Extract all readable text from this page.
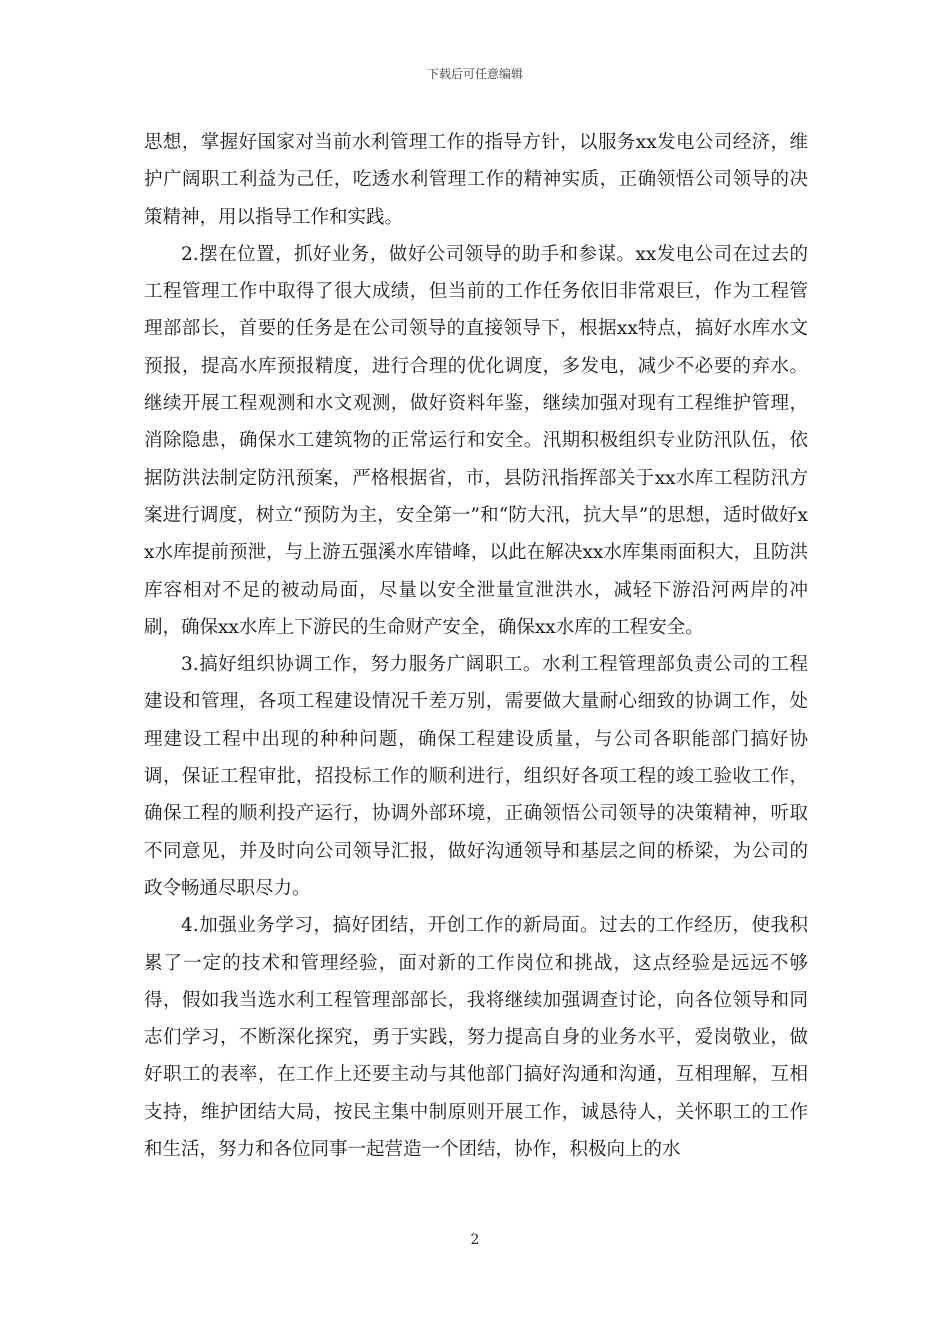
下载后可任意编辑

思想，掌握好国家对当前水利管理工作的指导方针，以服务xx发电公司经济，维护广阔职工利益为己任，吃透水利管理工作的精神实质，正确领悟公司领导的决策精神，用以指导工作和实践。

2.摆在位置，抓好业务，做好公司领导的助手和参谋。xx发电公司在过去的工程管理工作中取得了很大成绩，但当前的工作任务依旧非常艰巨，作为工程管理部部长，首要的任务是在公司领导的直接领导下，根据xx特点，搞好水库水文预报，提高水库预报精度，进行合理的优化调度，多发电，减少不必要的弃水。继续开展工程观测和水文观测，做好资料年鉴，继续加强对现有工程维护管理，消除隐患，确保水工建筑物的正常运行和安全。汛期积极组织专业防汛队伍，依据防洪法制定防汛预案，严格根据省，市，县防汛指挥部关于xx水库工程防汛方案进行调度，树立“预防为主，安全第一”和“防大汛，抗大旱”的思想，适时做好xx水库提前预泄，与上游五强溪水库错峰，以此在解决xx水库集雨面积大，且防洪库容相对不足的被动局面，尽量以安全泄量宣泄洪水，减轻下游沿河两岸的冲刷，确保xx水库上下游民的生命财产安全，确保xx水库的工程安全。

3.搞好组织协调工作，努力服务广阔职工。水利工程管理部负责公司的工程建设和管理，各项工程建设情况千差万别，需要做大量耐心细致的协调工作，处理建设工程中出现的种种问题，确保工程建设质量，与公司各职能部门搞好协调，保证工程审批，招投标工作的顺利进行，组织好各项工程的竣工验收工作，确保工程的顺利投产运行，协调外部环境，正确领悟公司领导的决策精神，听取不同意见，并及时向公司领导汇报，做好沟通领导和基层之间的桥梁，为公司的政令畅通尽职尽力。

4.加强业务学习，搞好团结，开创工作的新局面。过去的工作经历，使我积累了一定的技术和管理经验，面对新的工作岗位和挑战，这点经验是远远不够得，假如我当选水利工程管理部部长，我将继续加强调查讨论，向各位领导和同志们学习，不断深化探究，勇于实践，努力提高自身的业务水平，爱岗敬业，做好职工的表率，在工作上还要主动与其他部门搞好沟通和沟通，互相理解，互相支持，维护团结大局，按民主集中制原则开展工作，诚恳待人，关怀职工的工作和生活，努力和各位同事一起营造一个团结，协作，积极向上的水

2
